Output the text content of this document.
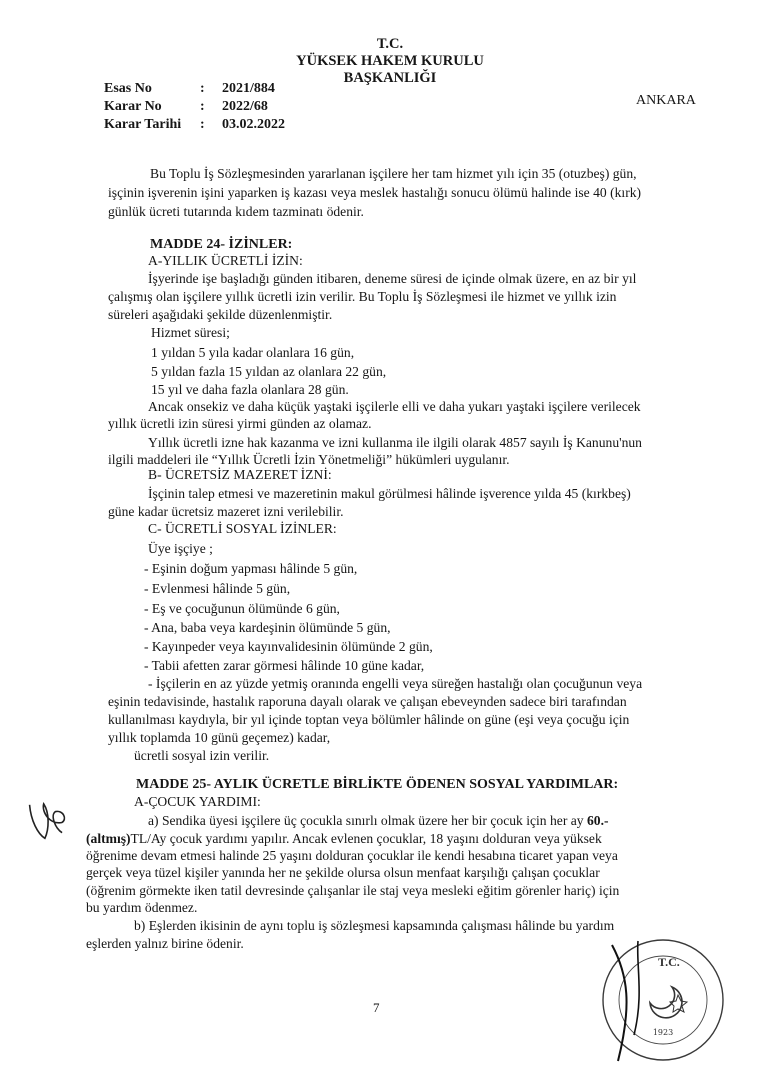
T.C.
YÜKSEK HAKEM KURULU
BAŞKANLIĞI
Esas No	: 2021/884
Karar No	: 2022/68
Karar Tarihi : 03.02.2022
ANKARA
Bu Toplu İş Sözleşmesinden yararlanan işçilere her tam hizmet yılı için 35 (otuzbeş) gün,
işçinin işverenin işini yaparken iş kazası veya meslek hastalığı sonucu ölümü halinde ise 40 (kırk)
günlük ücreti tutarında kıdem tazminatı ödenir.
MADDE 24- İZİNLER:
A-YILLIK ÜCRETLİ İZİN:
İşyerinde işe başladığı günden itibaren, deneme süresi de içinde olmak üzere, en az bir yıl
çalışmış olan işçilere yıllık ücretli izin verilir. Bu Toplu İş Sözleşmesi ile hizmet ve yıllık izin
süreleri aşağıdaki şekilde düzenlenmiştir.
Hizmet süresi;
1 yıldan 5 yıla kadar olanlara 16 gün,
5 yıldan fazla 15 yıldan az olanlara 22 gün,
15 yıl ve daha fazla olanlara 28 gün.
Ancak onsekiz ve daha küçük yaştaki işçilerle elli ve daha yukarı yaştaki işçilere verilecek
yıllık ücretli izin süresi yirmi günden az olamaz.
Yıllık ücretli izne hak kazanma ve izni kullanma ile ilgili olarak 4857 sayılı İş Kanunu'nun
ilgili maddeleri ile “Yıllık Ücretli İzin Yönetmeliği” hükümleri uygulanır.
B- ÜCRETSİZ MAZERET İZNİ:
İşçinin talep etmesi ve mazeretinin makul görülmesi hâlinde işverence yılda 45 (kırkbeş)
güne kadar ücretsiz mazeret izni verilebilir.
C- ÜCRETLİ SOSYAL İZİNLER:
Üye işçiye ;
- Eşinin doğum yapması hâlinde 5 gün,
- Evlenmesi hâlinde 5 gün,
- Eş ve çocuğunun ölümünde 6 gün,
- Ana, baba veya kardeşinin ölümünde 5 gün,
- Kayınpeder veya kayınvalidesinin ölümünde 2 gün,
- Tabii afetten zarar görmesi hâlinde 10 güne kadar,
- İşçilerin en az yüzde yetmiş oranında engelli veya süreğen hastalığı olan çocuğunun veya
eşinin tedavisinde, hastalık raporuna dayalı olarak ve çalışan ebeveynden sadece biri tarafından
kullanılması kaydıyla, bir yıl içinde toptan veya bölümler hâlinde on güne (eşi veya çocuğu için
yıllık toplamda 10 günü geçemez) kadar,
ücretli sosyal izin verilir.
MADDE 25- AYLIK ÜCRETLE BİRLİKTE ÖDENEN SOSYAL YARDIMLAR:
A-ÇOCUK YARDIMI:
a) Sendika üyesi işçilere üç çocukla sınırlı olmak üzere her bir çocuk için her ay 60.-
(altmış)TL/Ay çocuk yardımı yapılır. Ancak evlenen çocuklar, 18 yaşını dolduran veya yüksek
öğrenime devam etmesi halinde 25 yaşını dolduran çocuklar ile kendi hesabına ticaret yapan veya
gerçek veya tüzel kişiler yanında her ne şekilde olursa olsun menfaat karşılığı çalışan çocuklar
(öğrenim görmekte iken tatil devresinde çalışanlar ile staj veya mesleki eğitim görenler hariç) için
bu yardım ödenmez.
b) Eşlerden ikisinin de aynı toplu iş sözleşmesi kapsamında çalışması hâlinde bu yardım
eşlerden yalnız birine ödenir.
1923
T.C.
7
